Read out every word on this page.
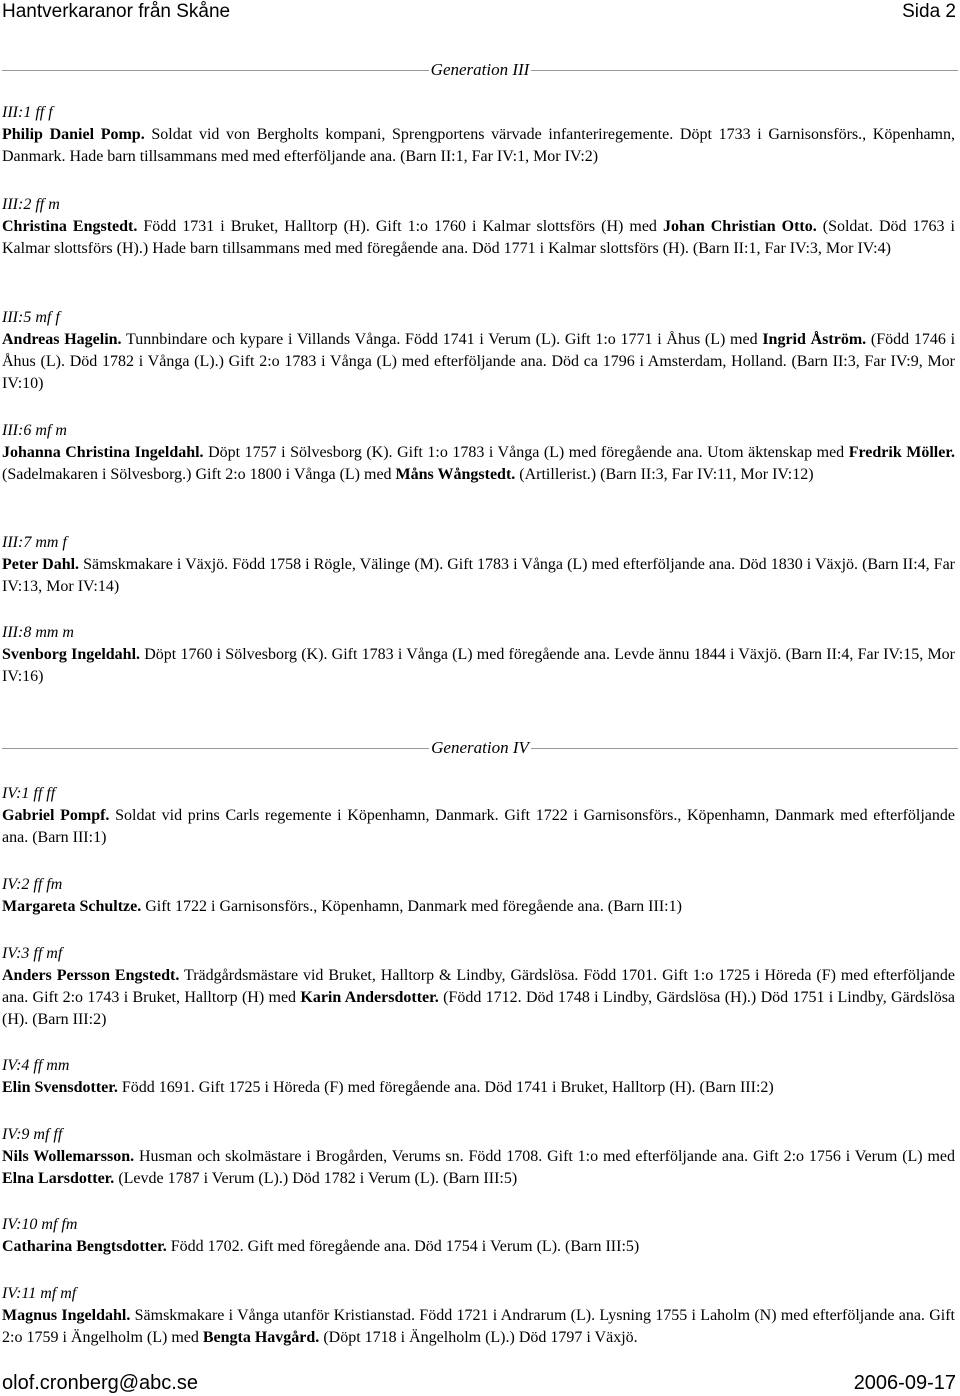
Hantverkaranor från Skåne	Sida 2
Generation III
III:1 ff f

Philip Daniel Pomp. Soldat vid von Bergholts kompani, Sprengportens värvade infanteriregemente. Döpt 1733 i Garnisonsförs., Köpenhamn, Danmark. Hade barn tillsammans med med efterföljande ana. (Barn II:1, Far IV:1, Mor IV:2)

III:2 ff m

Christina Engstedt. Född 1731 i Bruket, Halltorp (H). Gift 1:o 1760 i Kalmar slottsförs (H) med Johan Christian Otto. (Soldat. Död 1763 i Kalmar slottsförs (H).) Hade barn tillsammans med med föregående ana. Död 1771 i Kalmar slottsförs (H). (Barn II:1, Far IV:3, Mor IV:4)

III:5 mf f

Andreas Hagelin. Tunnbindare och kypare i Villands Vånga. Född 1741 i Verum (L). Gift 1:o 1771 i Åhus (L) med Ingrid Åström. (Född 1746 i Åhus (L). Död 1782 i Vånga (L).) Gift 2:o 1783 i Vånga (L) med efterföljande ana. Död ca 1796 i Amsterdam, Holland. (Barn II:3, Far IV:9, Mor IV:10)

III:6 mf m

Johanna Christina Ingeldahl. Döpt 1757 i Sölvesborg (K). Gift 1:o 1783 i Vånga (L) med föregående ana. Utom äktenskap med Fredrik Möller. (Sadelmakaren i Sölvesborg.) Gift 2:o 1800 i Vånga (L) med Måns Wångstedt. (Artillerist.) (Barn II:3, Far IV:11, Mor IV:12)

III:7 mm f

Peter Dahl. Sämskmakare i Växjö. Född 1758 i Rögle, Välinge (M). Gift 1783 i Vånga (L) med efterföljande ana. Död 1830 i Växjö. (Barn II:4, Far IV:13, Mor IV:14)

III:8 mm m

Svenborg Ingeldahl. Döpt 1760 i Sölvesborg (K). Gift 1783 i Vånga (L) med föregående ana. Levde ännu 1844 i Växjö. (Barn II:4, Far IV:15, Mor IV:16)

Generation IV
IV:1 ff ff

Gabriel Pompf. Soldat vid prins Carls regemente i Köpenhamn, Danmark. Gift 1722 i Garnisonsförs., Köpenhamn, Danmark med efterföljande ana. (Barn III:1)

IV:2 ff fm

Margareta Schultze. Gift 1722 i Garnisonsförs., Köpenhamn, Danmark med föregående ana. (Barn III:1)

IV:3 ff mf

Anders Persson Engstedt. Trädgårdsmästare vid Bruket, Halltorp & Lindby, Gärdslösa. Född 1701. Gift 1:o 1725 i Höreda (F) med efterföljande ana. Gift 2:o 1743 i Bruket, Halltorp (H) med Karin Andersdotter. (Född 1712. Död 1748 i Lindby, Gärdslösa (H).) Död 1751 i Lindby, Gärdslösa (H). (Barn III:2)

IV:4 ff mm

Elin Svensdotter. Född 1691. Gift 1725 i Höreda (F) med föregående ana. Död 1741 i Bruket, Halltorp (H). (Barn III:2)

IV:9 mf ff

Nils Wollemarsson. Husman och skolmästare i Brogården, Verums sn. Född 1708. Gift 1:o med efterföljande ana. Gift 2:o 1756 i Verum (L) med Elna Larsdotter. (Levde 1787 i Verum (L).) Död 1782 i Verum (L). (Barn III:5)

IV:10 mf fm

Catharina Bengtsdotter. Född 1702. Gift med föregående ana. Död 1754 i Verum (L). (Barn III:5)

IV:11 mf mf

Magnus Ingeldahl. Sämskmakare i Vånga utanför Kristianstad. Född 1721 i Andrarum (L). Lysning 1755 i Laholm (N) med efterföljande ana. Gift 2:o 1759 i Ängelholm (L) med Bengta Havgård. (Döpt 1718 i Ängelholm (L).) Död 1797 i Växjö.

olof.cronberg@abc.se	2006-09-17
